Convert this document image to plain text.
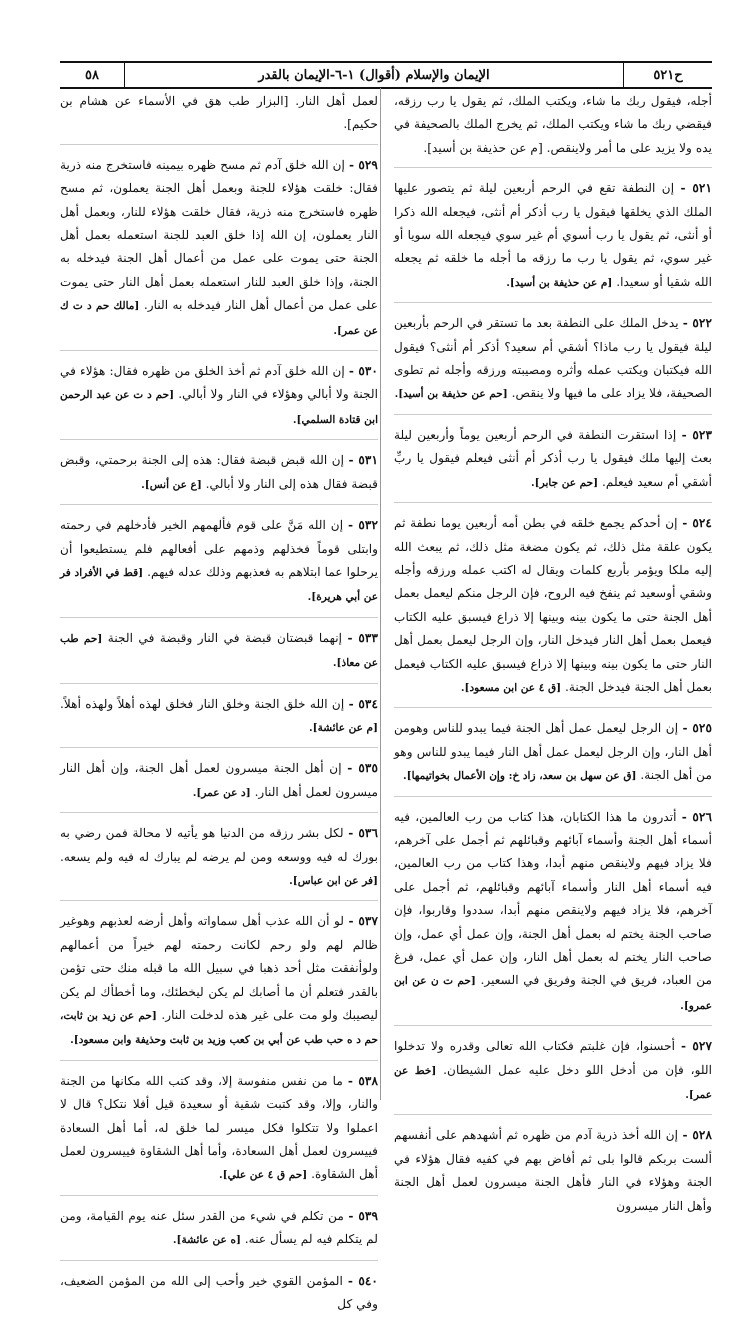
ح٥٢١
الإيمان والإسلام (أقوال) ١-٦-الإيمان بالقدر
٥٨
أجله، فيقول ربك ما شاء، ويكتب الملك، ثم يقول يا رب رزقه، فيقضي ربك ما شاء ويكتب الملك، ثم يخرج الملك بالصحيفة في يده ولا يزيد على ما أمر ولاينقص. [م عن حذيفة بن أسيد].
٥٢١ - إن النطفة تقع في الرحم أربعين ليلة ثم يتصور عليها الملك الذي يخلقها فيقول يا رب أذكر أم أنثى، فيجعله الله ذكرا أو أنثى، ثم يقول يا رب أسوي أم غير سوي فيجعله الله سويا أو غير سوي، ثم يقول يا رب ما رزقه ما أجله ما خلقه ثم يجعله الله شقيا أو سعيدا. [م عن حذيفة بن أسيد].
٥٢٢ - يدخل الملك على النطفة بعد ما تستقر في الرحم بأربعين ليلة فيقول يا رب ماذا؟ أشقي أم سعيد؟ أذكر أم أنثى؟ فيقول الله فيكتبان ويكتب عمله وأثره ومصيبته ورزقه وأجله ثم تطوى الصحيفة، فلا يزاد على ما فيها ولا ينقص. [حم عن حذيفة بن أسيد].
٥٢٣ - إذا استقرت النطفة في الرحم أربعين يوماً وأربعين ليلة بعث إليها ملك فيقول يا رب أذكر أم أنثى فيعلم فيقول يا ربِّ أشقي أم سعيد فيعلم. [حم عن جابر].
٥٢٤ - إن أحدكم يجمع خلقه في بطن أمه أربعين يوما نطفة ثم يكون علقة مثل ذلك، ثم يكون مضغة مثل ذلك، ثم يبعث الله إليه ملكا ويؤمر بأربع كلمات ويقال له اكتب عمله ورزقه وأجله وشقي أوسعيد ثم ينفخ فيه الروح، فإن الرجل منكم ليعمل بعمل أهل الجنة حتى ما يكون بينه وبينها إلا ذراع فيسبق عليه الكتاب فيعمل بعمل أهل النار فيدخل النار، وإن الرجل ليعمل بعمل أهل النار حتى ما يكون بينه وبينها إلا ذراع فيسبق عليه الكتاب فيعمل بعمل أهل الجنة فيدخل الجنة. [ق ٤ عن ابن مسعود].
٥٢٥ - إن الرجل ليعمل عمل أهل الجنة فيما يبدو للناس وهومن أهل النار، وإن الرجل ليعمل عمل أهل النار فيما يبدو للناس وهو من أهل الجنة. [ق عن سهل بن سعد، زاد خ: وإن الأعمال بخواتيمها].
٥٢٦ - أتدرون ما هذا الكتابان، هذا كتاب من رب العالمين، فيه أسماء أهل الجنة وأسماء آبائهم وقبائلهم ثم أجمل على آخرهم، فلا يزاد فيهم ولاينقص منهم أبدا، وهذا كتاب من رب العالمين، فيه أسماء أهل النار وأسماء آبائهم وقبائلهم، ثم أجمل على آخرهم، فلا يزاد فيهم ولاينقص منهم أبدا، سددوا وقاربوا، فإن صاحب الجنة يختم له بعمل أهل الجنة، وإن عمل أي عمل، وإن صاحب النار يختم له بعمل أهل النار، وإن عمل أي عمل، فرغ من العباد، فريق في الجنة وفريق في السعير. [حم ت ن عن ابن عمرو].
٥٢٧ - أحسنوا، فإن غلبتم فكتاب الله تعالى وقدره ولا تدخلوا اللو، فإن من أدخل اللو دخل عليه عمل الشيطان. [خط عن عمر].
٥٢٨ - إن الله أخذ ذرية آدم من ظهره ثم أشهدهم على أنفسهم ألست بربكم قالوا بلى ثم أفاض بهم في كفيه فقال هؤلاء في الجنة وهؤلاء في النار فأهل الجنة ميسرون لعمل أهل الجنة وأهل النار ميسرون
لعمل أهل النار. [البزار طب هق في الأسماء عن هشام بن حكيم].
٥٢٩ - إن الله خلق آدم ثم مسح ظهره بيمينه فاستخرج منه ذرية فقال: خلقت هؤلاء للجنة وبعمل أهل الجنة يعملون، ثم مسح ظهره فاستخرج منه ذرية، فقال خلقت هؤلاء للنار، وبعمل أهل النار يعملون، إن الله إذا خلق العبد للجنة استعمله بعمل أهل الجنة حتى يموت على عمل من أعمال أهل الجنة فيدخله به الجنة، وإذا خلق العبد للنار استعمله بعمل أهل النار حتى يموت على عمل من أعمال أهل النار فيدخله به النار. [مالك حم د ت ك عن عمر].
٥٣٠ - إن الله خلق آدم ثم أخذ الخلق من ظهره فقال: هؤلاء في الجنة ولا أبالي وهؤلاء في النار ولا أبالي. [حم د ت عن عبد الرحمن ابن قتادة السلمي].
٥٣١ - إن الله قبض قبضة فقال: هذه إلى الجنة برحمتي، وقبض قبضة فقال هذه إلى النار ولا أبالي. [ع عن أنس].
٥٣٢ - إن الله مَنَّ على قوم فألهمهم الخير فأدخلهم في رحمته وابتلى قوماً فخذلهم وذمهم على أفعالهم فلم يستطيعوا أن يرحلوا عما ابتلاهم به فعذبهم وذلك عدله فيهم. [قط في الأفراد فر عن أبي هريرة].
٥٣٣ - إنهما قبضتان قبضة في النار وقبضة في الجنة [حم طب عن معاذ].
٥٣٤ - إن الله خلق الجنة وخلق النار فخلق لهذه أهلاً ولهذه أهلاً. [م عن عائشة].
٥٣٥ - إن أهل الجنة ميسرون لعمل أهل الجنة، وإن أهل النار ميسرون لعمل أهل النار. [د عن عمر].
٥٣٦ - لكل بشر رزقه من الدنيا هو يأتيه لا محالة فمن رضي به بورك له فيه ووسعه ومن لم يرضه لم يبارك له فيه ولم يسعه. [فر عن ابن عباس].
٥٣٧ - لو أن الله عذب أهل سماواته وأهل أرضه لعذبهم وهوغير ظالم لهم ولو رحم لكانت رحمته لهم خيراً من أعمالهم ولوأنفقت مثل أحد ذهبا في سبيل الله ما قبله منك حتى تؤمن بالقدر فتعلم أن ما أصابك لم يكن ليخطئك، وما أخطأك لم يكن ليصيبك ولو مت على غير هذه لدخلت النار. [حم عن زيد بن ثابت، حم د ه حب طب عن أبي بن كعب وزيد بن ثابت وحذيفة وابن مسعود].
٥٣٨ - ما من نفس منفوسة إلا، وقد كتب الله مكانها من الجنة والنار، وإلا، وقد كتبت شقية أو سعيدة قيل أفلا نتكل؟ قال لا اعملوا ولا تتكلوا فكل ميسر لما خلق له، أما أهل السعادة فييسرون لعمل أهل السعادة، وأما أهل الشقاوة فييسرون لعمل أهل الشقاوة. [حم ق ٤ عن علي].
٥٣٩ - من تكلم في شيء من القدر سئل عنه يوم القيامة، ومن لم يتكلم فيه لم يسأل عنه. [ه عن عائشة].
٥٤٠ - المؤمن القوي خير وأحب إلى الله من المؤمن الضعيف، وفي كل
